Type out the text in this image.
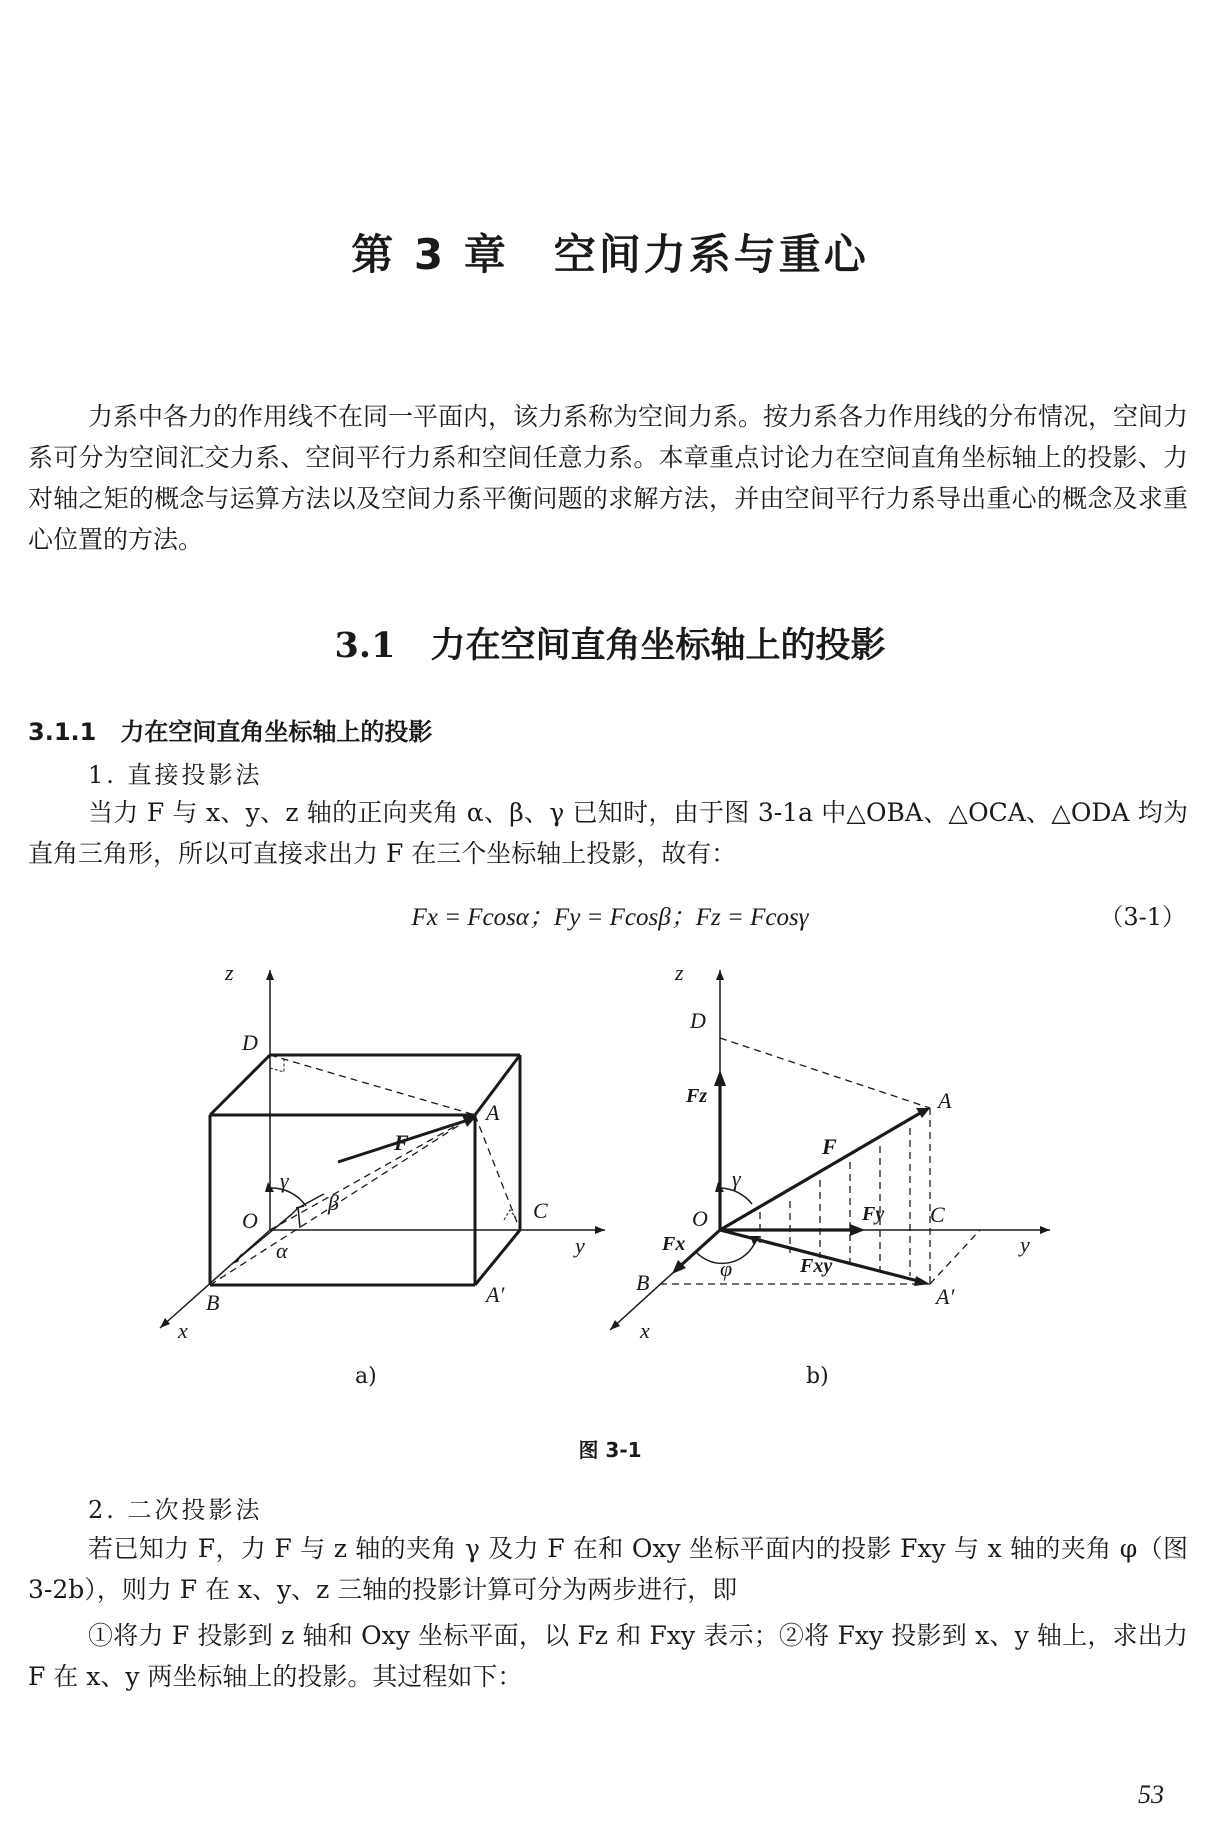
第 3 章　空间力系与重心

力系中各力的作用线不在同一平面内，该力系称为空间力系。按力系各力作用线的分布情况，空间力系可分为空间汇交力系、空间平行力系和空间任意力系。本章重点讨论力在空间直角坐标轴上的投影、力对轴之矩的概念与运算方法以及空间力系平衡问题的求解方法，并由空间平行力系导出重心的概念及求重心位置的方法。

3.1　 力在空间直角坐标轴上的投影
3.1.1　 力在空间直角坐标轴上的投影
1. 直接投影法

当力 F 与 x、y、z 轴的正向夹角 α、β、γ 已知时，由于图 3-1a 中△OBA、△OCA、△ODA 均为直角三角形，所以可直接求出力 F 在三个坐标轴上投影，故有：

Fx = Fcosα；Fy = Fcosβ；Fz = Fcosγ	（3-1）
z
D
A
F
γ
β
O	C
y
α
B	A′
x
z
D
Fz	A
F
γ
O	Fy C
y
Fx
φ	Fxy
B
A′
x
a)	b)
图 3-1
2. 二次投影法

若已知力 F，力 F 与 z 轴的夹角 γ 及力 F 在和 Oxy 坐标平面内的投影 Fxy 与 x 轴的夹角 φ（图 3-2b），则力 F 在 x、y、z 三轴的投影计算可分为两步进行，即

①将力 F 投影到 z 轴和 Oxy 坐标平面，以 Fz 和 Fxy 表示；②将 Fxy 投影到 x、y 轴上，求出力 F 在 x、y 两坐标轴上的投影。其过程如下：

53
